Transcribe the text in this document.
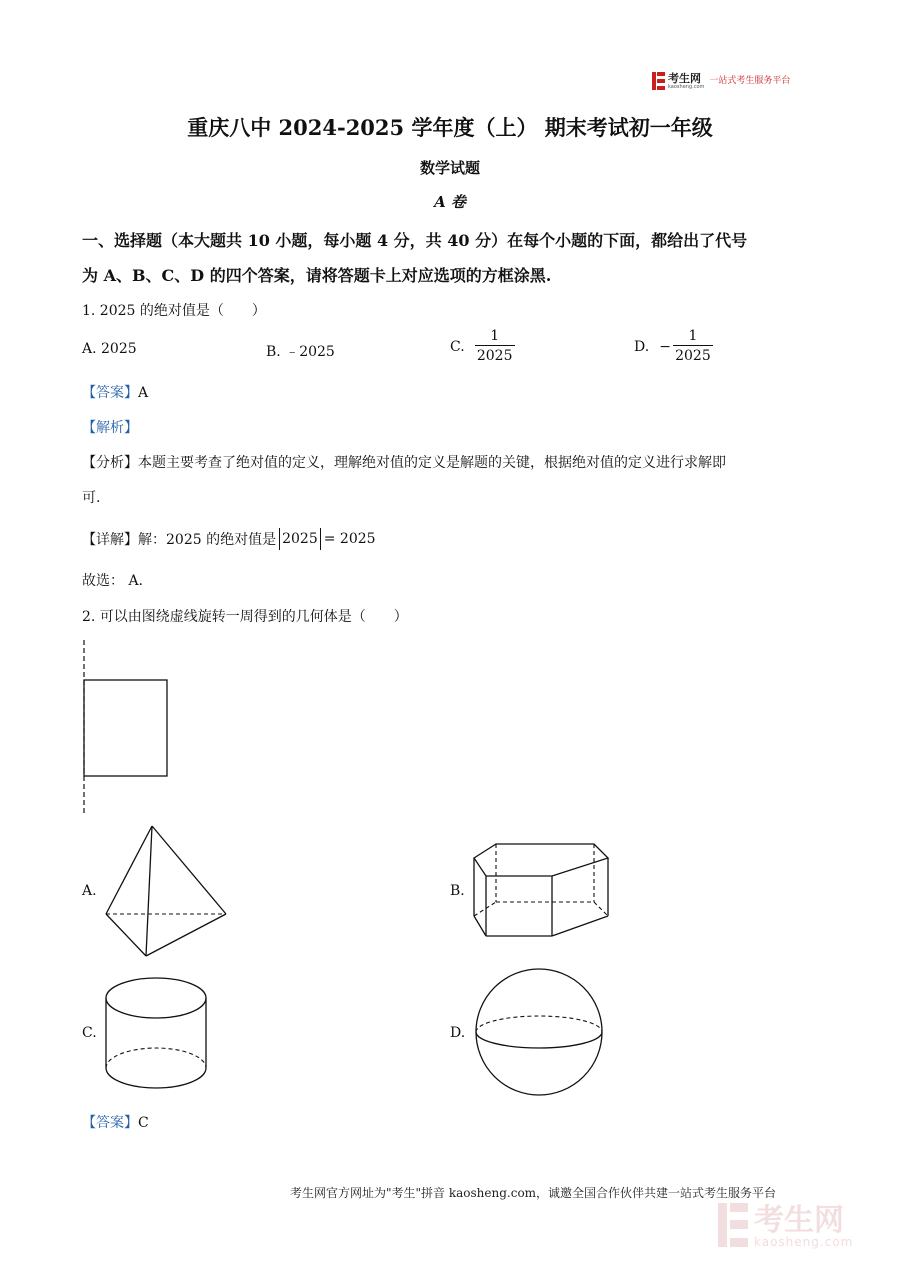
考生网
kaosheng.com
一站式考生服务平台
重庆八中 2024-2025 学年度（上） 期末考试初一年级
数学试题
A 卷
一、选择题（本大题共 10 小题，每小题 4 分，共 40 分）在每个小题的下面，都给出了代号
为 A、B、C、D 的四个答案，请将答题卡上对应选项的方框涂黑.
1. 2025 的绝对值是（　　）
A. 2025	B. ﹣2025	C. $\frac{1}{2025}$	D. − $\frac{1}{2025}$
【答案】A
【解析】
【分析】本题主要考查了绝对值的定义，理解绝对值的定义是解题的关键，根据绝对值的定义进行求解即
可.
【详解】 解：2025 的绝对值是 2025 = 2025
故选： A.
2. 可以由图绕虚线旋转一周得到的几何体是（　　）
A.	B.
C.	D.
【答案】C
考生网官方网址为"考生"拼音 kaosheng.com，诚邀全国合作伙伴共建一站式考生服务平台
考生网
kaosheng.com
